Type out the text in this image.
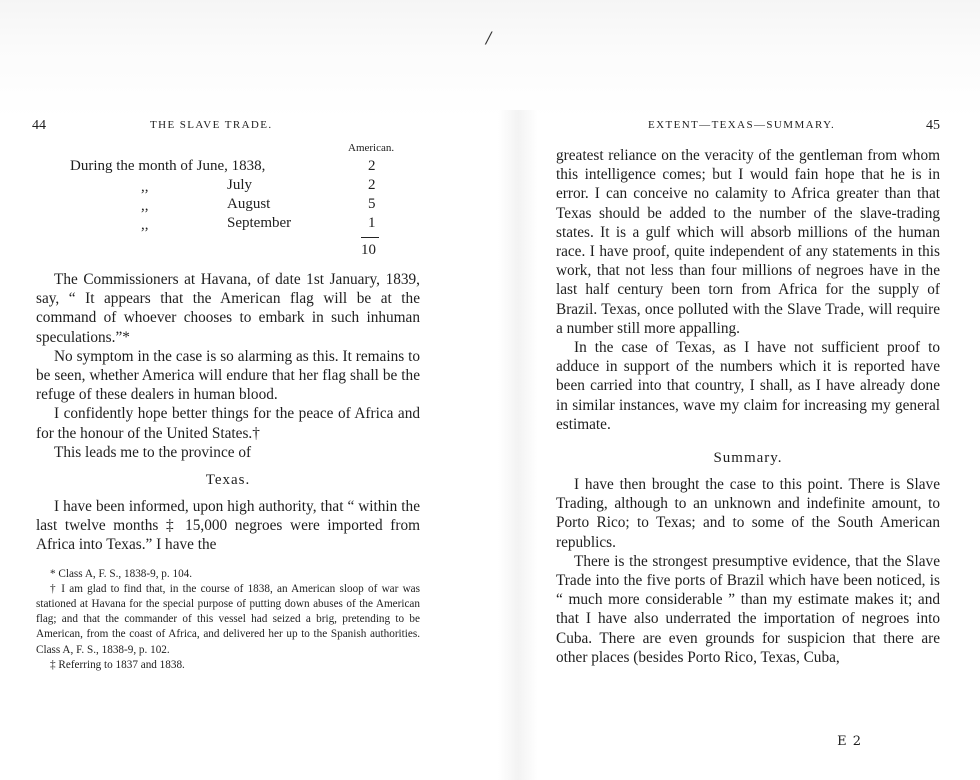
/
44	THE SLAVE TRADE.
American.
During the month of June, 1838,	2
,,	July	2
,,	August	5
,,	September	1
10

The Commissioners at Havana, of date 1st January, 1839, say, “ It appears that the American flag will be at the command of whoever chooses to embark in such inhuman speculations.”*

No symptom in the case is so alarming as this. It remains to be seen, whether America will endure that her flag shall be the refuge of these dealers in human blood.

I confidently hope better things for the peace of Africa and for the honour of the United States.†

This leads me to the province of

Texas.

I have been informed, upon high authority, that “ within the last twelve months ‡ 15,000 negroes were imported from Africa into Texas.” I have the

* Class A, F. S., 1838-9, p. 104.

† I am glad to find that, in the course of 1838, an American sloop of war was stationed at Havana for the special purpose of putting down abuses of the American flag; and that the commander of this vessel had seized a brig, pretending to be American, from the coast of Africa, and delivered her up to the Spanish authorities. Class A, F. S., 1838-9, p. 102.

‡ Referring to 1837 and 1838.

EXTENT—TEXAS—SUMMARY.	45

greatest reliance on the veracity of the gentleman from whom this intelligence comes; but I would fain hope that he is in error. I can conceive no calamity to Africa greater than that Texas should be added to the number of the slave-trading states. It is a gulf which will absorb millions of the human race. I have proof, quite independent of any statements in this work, that not less than four millions of negroes have in the last half century been torn from Africa for the supply of Brazil. Texas, once polluted with the Slave Trade, will require a number still more appalling.

In the case of Texas, as I have not sufficient proof to adduce in support of the numbers which it is reported have been carried into that country, I shall, as I have already done in similar instances, wave my claim for increasing my general estimate.

Summary.

I have then brought the case to this point. There is Slave Trading, although to an unknown and indefinite amount, to Porto Rico; to Texas; and to some of the South American republics.

There is the strongest presumptive evidence, that the Slave Trade into the five ports of Brazil which have been noticed, is “ much more considerable ” than my estimate makes it; and that I have also underrated the importation of negroes into Cuba. There are even grounds for suspicion that there are other places (besides Porto Rico, Texas, Cuba,

E 2
